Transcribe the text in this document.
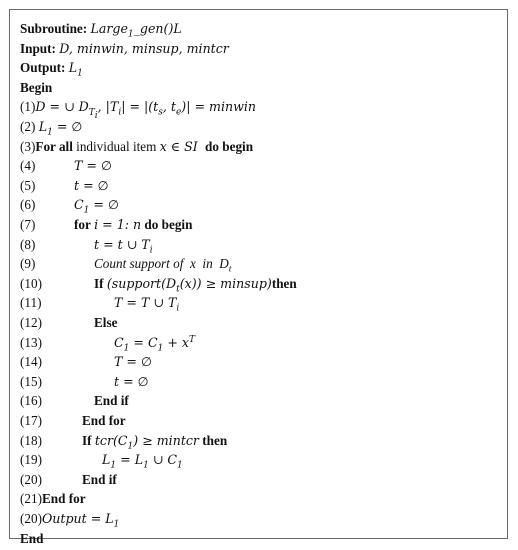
Subroutine: Large$_1$_gen()L
Input: D, minwin, minsup, mintcr
Output: $L_1$
Begin
(1)D = ∪ $D_{T_i}$, $|T_i| = |(t_s$, $t_e)|$ = minwin
(2) $L_1$ = ∅
(3)For all individual item x ∈ SI do begin
(4)	T = ∅
(5)	t = ∅
(6)	$C_1$ = ∅
(7)	for i = 1: n do begin
(8)	t = t ∪ $T_i$
(9)	Count support of  x  in  $D_t$
(10)	If ($support(D_t(x))$ ≥ minsup)then
(11)	T = T ∪ $T_i$
(12)	Else
(13)	$C_1 = C_1 + x^T$
(14)	T = ∅
(15)	t = ∅
(16)	End if
(17)	End for
(18)	If $tcr(C_1)$ ≥ mintcr then
(19)	$L_1 = L_1$ ∪ $C_1$
(20)	End if
(21)End for
(20)Output = $L_1$
End
